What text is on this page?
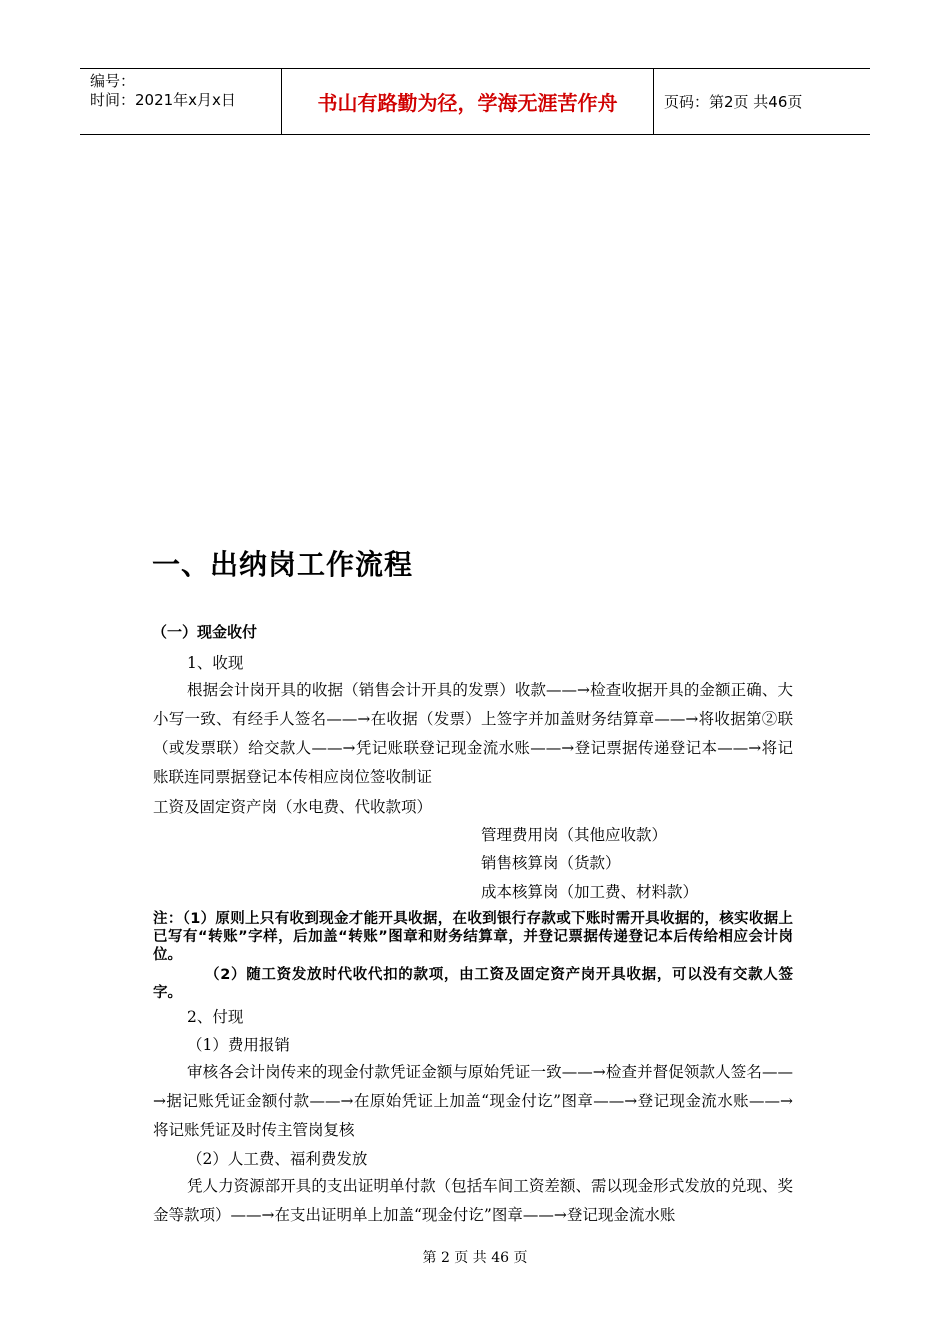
编号：
时间：2021年x月x日	书山有路勤为径，学海无涯苦作舟	页码：第2页 共46页
一、出纳岗工作流程
（一）现金收付
1、收现
根据会计岗开具的收据（销售会计开具的发票）收款——→检查收据开具的金额正确、大小写一致、有经手人签名——→在收据（发票）上签字并加盖财务结算章——→将收据第②联（或发票联）给交款人——→凭记账联登记现金流水账——→登记票据传递登记本——→将记账联连同票据登记本传相应岗位签收制证
工资及固定资产岗（水电费、代收款项）
管理费用岗（其他应收款）
销售核算岗（货款）
成本核算岗（加工费、材料款）
注：（1）原则上只有收到现金才能开具收据，在收到银行存款或下账时需开具收据的，核实收据上已写有“转账”字样，后加盖“转账”图章和财务结算章，并登记票据传递登记本后传给相应会计岗位。
（2）随工资发放时代收代扣的款项，由工资及固定资产岗开具收据，可以没有交款人签字。
2、付现
（1）费用报销
审核各会计岗传来的现金付款凭证金额与原始凭证一致——→检查并督促领款人签名——→据记账凭证金额付款——→在原始凭证上加盖“现金付讫”图章——→登记现金流水账——→将记账凭证及时传主管岗复核
（2）人工费、福利费发放
凭人力资源部开具的支出证明单付款（包括车间工资差额、需以现金形式发放的兑现、奖金等款项）——→在支出证明单上加盖“现金付讫”图章——→登记现金流水账
第 2 页 共 46 页
